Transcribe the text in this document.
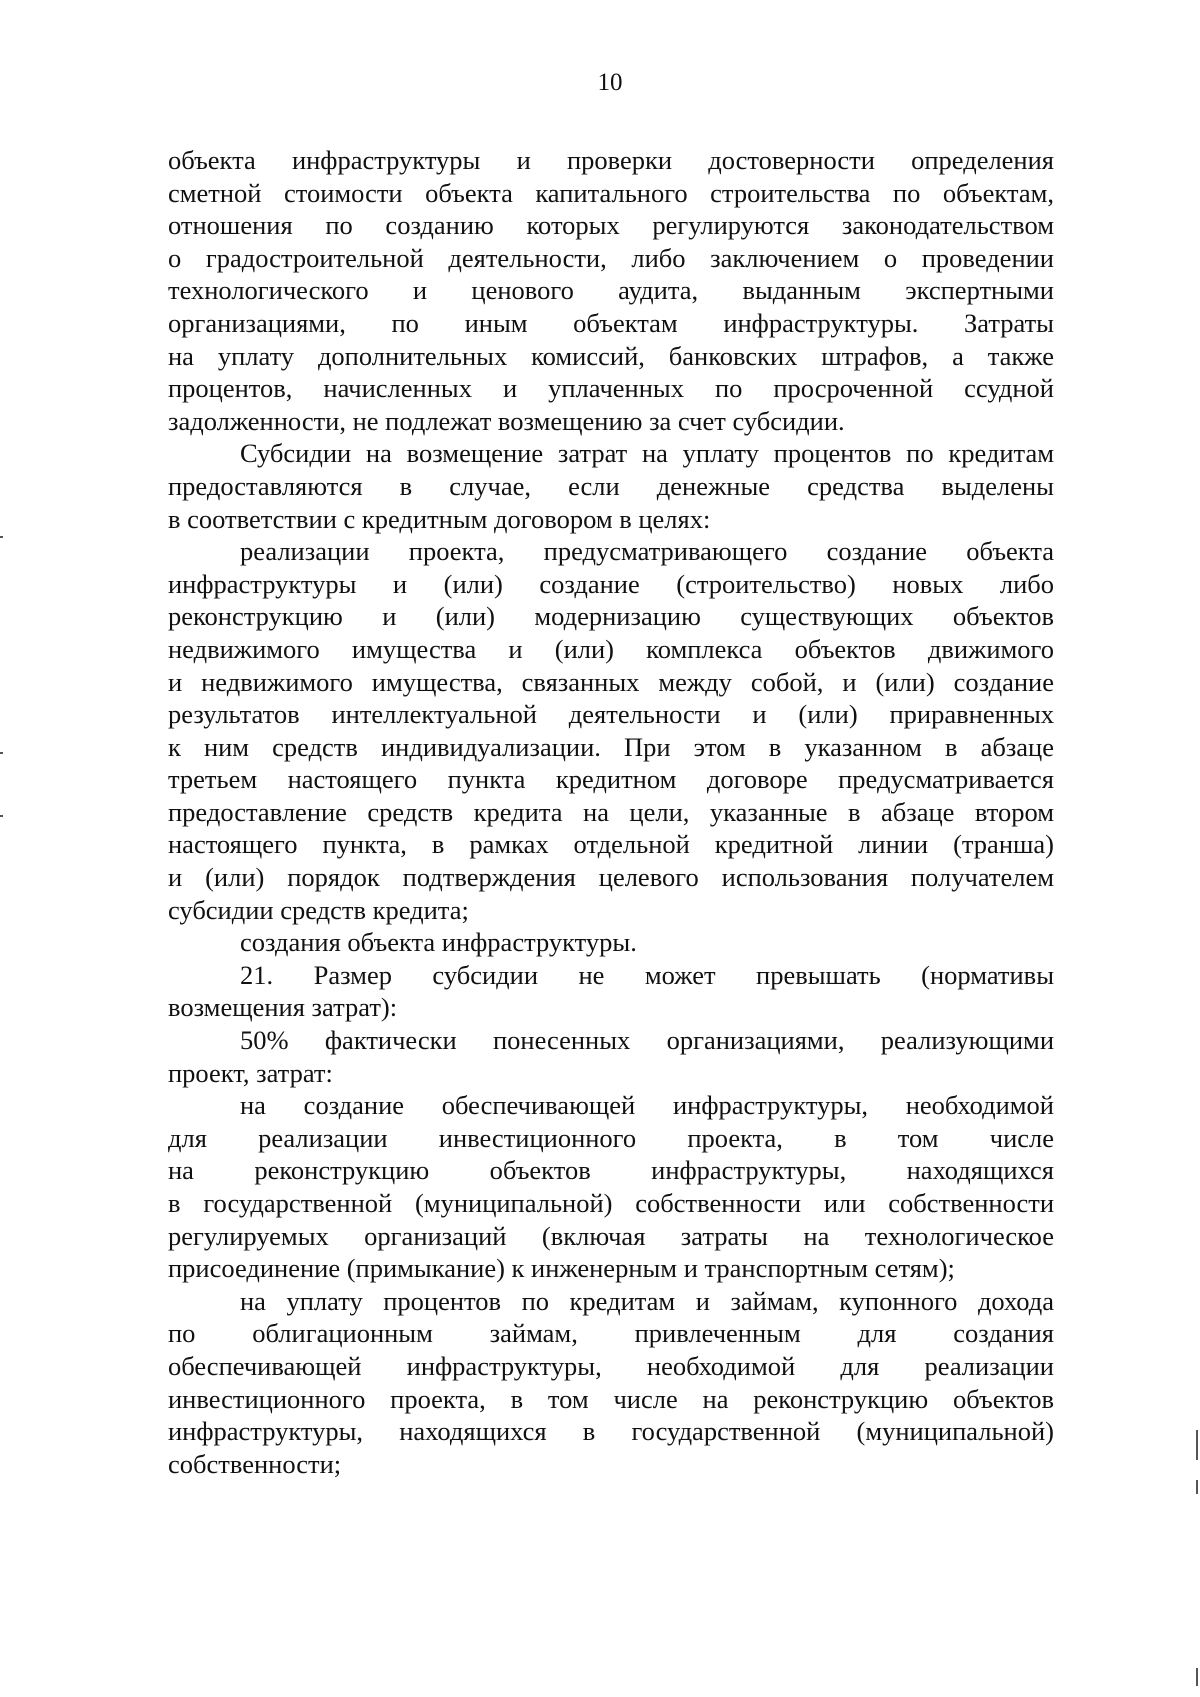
10
объекта инфраструктуры и проверки достоверности определения
сметной стоимости объекта капитального строительства по объектам,
отношения по созданию которых регулируются законодательством
о градостроительной деятельности, либо заключением о проведении
технологического и ценового аудита, выданным экспертными
организациями, по иным объектам инфраструктуры. Затраты
на уплату дополнительных комиссий, банковских штрафов, а также
процентов, начисленных и уплаченных по просроченной ссудной
задолженности, не подлежат возмещению за счет субсидии.
Субсидии на возмещение затрат на уплату процентов по кредитам
предоставляются в случае, если денежные средства выделены
в соответствии с кредитным договором в целях:
реализации проекта, предусматривающего создание объекта
инфраструктуры и (или) создание (строительство) новых либо
реконструкцию и (или) модернизацию существующих объектов
недвижимого имущества и (или) комплекса объектов движимого
и недвижимого имущества, связанных между собой, и (или) создание
результатов интеллектуальной деятельности и (или) приравненных
к ним средств индивидуализации. При этом в указанном в абзаце
третьем настоящего пункта кредитном договоре предусматривается
предоставление средств кредита на цели, указанные в абзаце втором
настоящего пункта, в рамках отдельной кредитной линии (транша)
и (или) порядок подтверждения целевого использования получателем
субсидии средств кредита;
создания объекта инфраструктуры.
21. Размер субсидии не может превышать (нормативы
возмещения затрат):
50% фактически понесенных организациями, реализующими
проект, затрат:
на создание обеспечивающей инфраструктуры, необходимой
для реализации инвестиционного проекта, в том числе
на реконструкцию объектов инфраструктуры, находящихся
в государственной (муниципальной) собственности или собственности
регулируемых организаций (включая затраты на технологическое
присоединение (примыкание) к инженерным и транспортным сетям);
на уплату процентов по кредитам и займам, купонного дохода
по облигационным займам, привлеченным для создания
обеспечивающей инфраструктуры, необходимой для реализации
инвестиционного проекта, в том числе на реконструкцию объектов
инфраструктуры, находящихся в государственной (муниципальной)
собственности;
